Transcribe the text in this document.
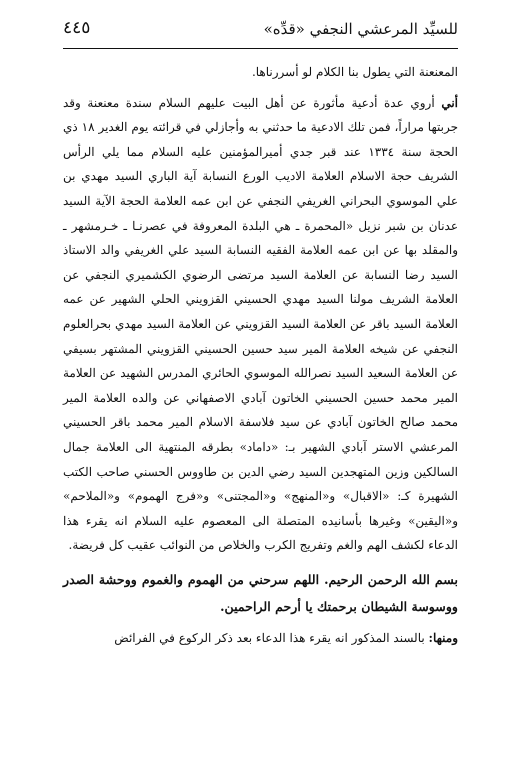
للسيِّد المرعشي النجفي «قدِّه»
٤٤٥

المعنعنة التي يطول بنا الكلام لو أسررناها.

أني أروي عدة أدعية مأثورة عن أهل البيت عليهم السلام سندة معنعنة وقد جربتها مراراً، فمن تلك الادعية ما حدثني به وأجازلي في قرائته يوم الغدير ١٨ ذي الحجة سنة ١٣٣٤ عند قبر جدي أميرالمؤمنين عليه السلام مما يلي الرأس الشريف حجة الاسلام العلامة الاديب الورع النسابة آية الباري السيد مهدي بن علي الموسوي البحراني الغريفي النجفي عن ابن عمه العلامة الحجة الآية السيد عدنان بن شبر نزيل «المحمرة ـ هي البلدة المعروفة في عصرنـا ـ خـرمشهر ـ والمقلد بها عن ابن عمه العلامة الفقيه النسابة السيد علي الغريفي والد الاستاذ السيد رضا النسابة عن العلامة السيد مرتضى الرضوي الكشميري النجفي عن العلامة الشريف مولنا السيد مهدي الحسيني القزويني الحلي الشهير عن عمه العلامة السيد باقر عن العلامة السيد القزويني عن العلامة السيد مهدي بحرالعلوم النجفي عن شيخه العلامة المير سيد حسين الحسيني القزويني المشتهر بسيفي عن العلامة السعيد السيد نصرالله الموسوي الحائري المدرس الشهيد عن العلامة المير محمد حسين الحسيني الخاتون آبادي الاصفهاني عن والده العلامة المير محمد صالح الخاتون آبادي عن سيد فلاسفة الاسلام المير محمد باقر الحسيني المرعشي الاستر آبادي الشهير بـ: «داماد» بطرقه المنتهية الى العلامة جمال السالكين وزين المتهجدين السيد رضي الدين بن طاووس الحسني صاحب الكتب الشهيرة كـ: «الاقبال» و«المنهج» و«المجتنى» و«فرج الهموم» و«الملاحم» و«اليقين» وغيرها بأسانيده المتصلة الى المعصوم عليه السلام انه يقرء هذا الدعاء لكشف الهم والغم وتفريج الكرب والخلاص من النوائب عقيب كل فريضة.

بسم الله الرحمن الرحيم. اللهم سرحني من الهموم والغموم ووحشة الصدر ووسوسة الشيطان برحمتك يا أرحم الراحمين.

ومنها: بالسند المذكور انه يقرء هذا الدعاء بعد ذكر الركوع في الفرائض
